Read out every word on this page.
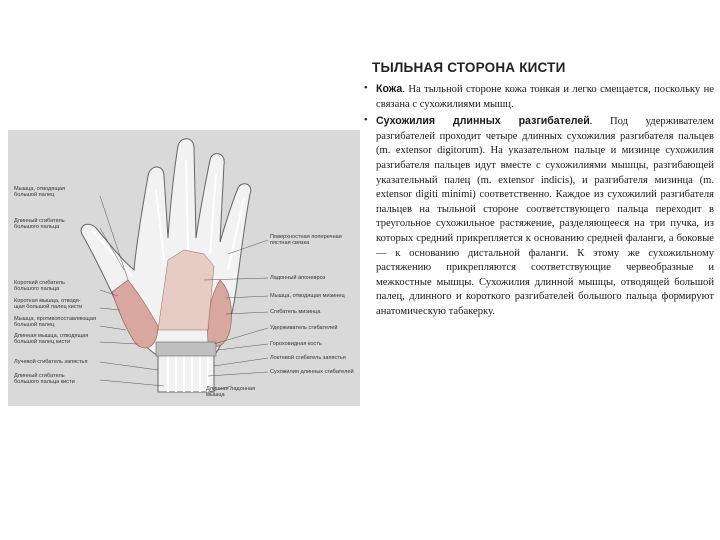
Мышца, отводящая
большой палец
Длинный сгибатель
большого пальца
Короткий сгибатель
большого пальца
Короткая мышца, отводя-
щая большой палец кисти
Мышца, противопоставляющая
большой палец
Длинная мышца, отводящая
большой палец кисти
Лучевой сгибатель запястья
Длинный сгибатель
большого пальца кисти
Поверхностная поперечная
пястная связка
Ладонный апоневроз
Мышца, отводящая мизинец
Сгибатель мизинца
Удерживатель сгибателей
Гороховидная кость
Локтевой сгибатель запястья
Сухожилия длинных сгибателей
Длинная ладонная
мышца
ТЫЛЬНАЯ СТОРОНА КИСТИ
• Кожа. На тыльной стороне кожа тонкая и легко смещается, поскольку не связана с сухожилиями мышц.

• Сухожилия длинных разгибателей. Под удерживателем разгибателей проходит четыре длинных сухожилия разгибателя пальцев (m. extensor digitorum). На указательном пальце и мизинце сухожилия разгибателя пальцев идут вместе с сухожилиями мышцы, разгибающей указательный палец (m. extensor indicis), и разгибателя мизинца (m. extensor digiti minimi) соответственно. Каждое из сухожилий разгибателя пальцев на тыльной стороне соответствующего пальца переходит в треугольное сухожильное растяжение, разделяющееся на три пучка, из которых средний прикрепляется к основанию средней фаланги, а боковые — к основанию дистальной фаланги. К этому же сухожильному растяжению прикрепляются соответствующие червеобразные и межкостные мышцы. Сухожилия длинной мышцы, отводящей большой палец, длинного и короткого разгибателей большого пальца формируют анатомическую табакерку.
